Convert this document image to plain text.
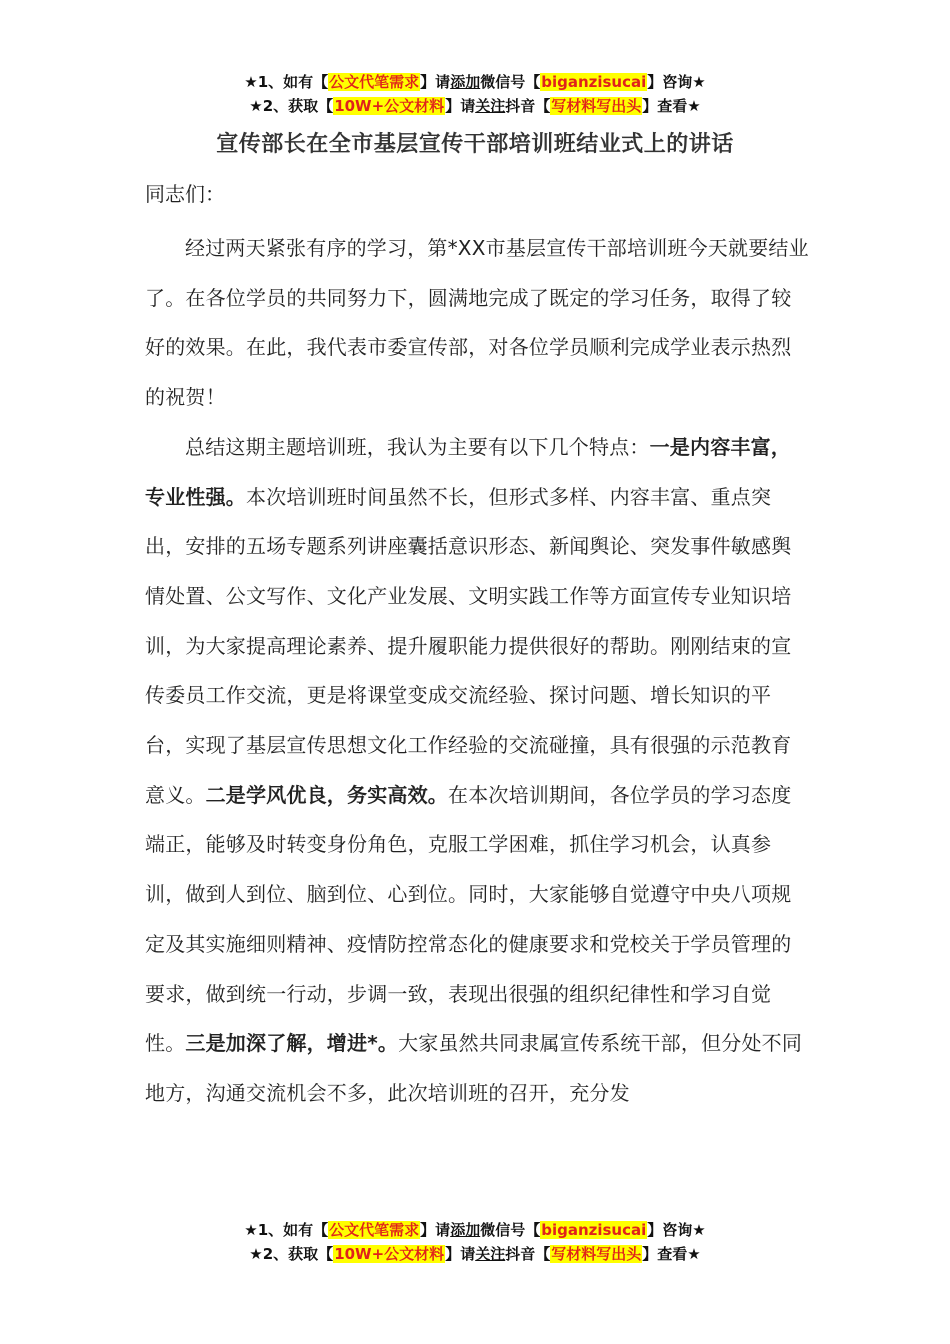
★1、如有【公文代笔需求】请添加微信号【biganzisucai】咨询★
★2、获取【10W+公文材料】请关注抖音【写材料写出头】查看★
宣传部长在全市基层宣传干部培训班结业式上的讲话
同志们：

经过两天紧张有序的学习，第*XX市基层宣传干部培训班今天就要结业了。在各位学员的共同努力下，圆满地完成了既定的学习任务，取得了较好的效果。在此，我代表市委宣传部，对各位学员顺利完成学业表示热烈的祝贺！

总结这期主题培训班，我认为主要有以下几个特点：一是内容丰富，专业性强。本次培训班时间虽然不长，但形式多样、内容丰富、重点突出，安排的五场专题系列讲座囊括意识形态、新闻舆论、突发事件敏感舆情处置、公文写作、文化产业发展、文明实践工作等方面宣传专业知识培训，为大家提高理论素养、提升履职能力提供很好的帮助。刚刚结束的宣传委员工作交流，更是将课堂变成交流经验、探讨问题、增长知识的平台，实现了基层宣传思想文化工作经验的交流碰撞，具有很强的示范教育意义。二是学风优良，务实高效。在本次培训期间，各位学员的学习态度端正，能够及时转变身份角色，克服工学困难，抓住学习机会，认真参训，做到人到位、脑到位、心到位。同时，大家能够自觉遵守中央八项规定及其实施细则精神、疫情防控常态化的健康要求和党校关于学员管理的要求，做到统一行动，步调一致，表现出很强的组织纪律性和学习自觉性。三是加深了解，增进*。大家虽然共同隶属宣传系统干部，但分处不同地方，沟通交流机会不多，此次培训班的召开，充分发

★1、如有【公文代笔需求】请添加微信号【biganzisucai】咨询★
★2、获取【10W+公文材料】请关注抖音【写材料写出头】查看★
